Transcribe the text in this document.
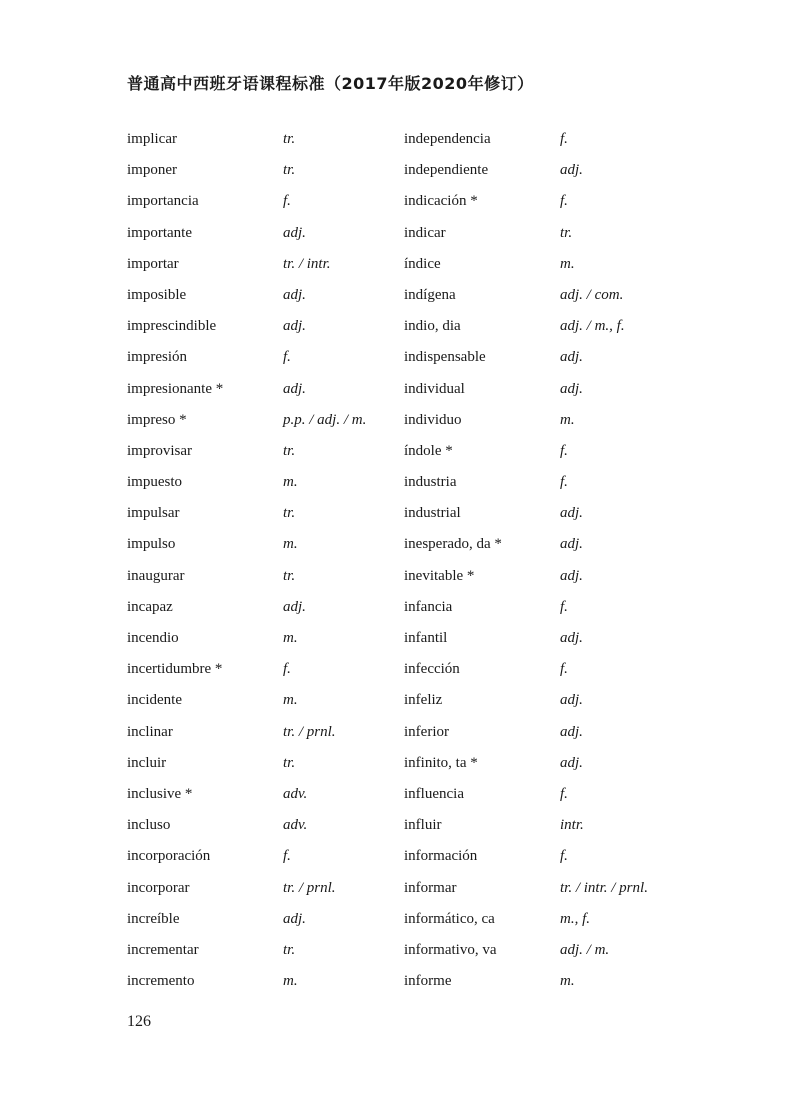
普通高中西班牙语课程标准（2017年版2020年修订）
implicar	tr.
imponer	tr.
importancia	f.
importante	adj.
importar	tr. / intr.
imposible	adj.
imprescindible	adj.
impresión	f.
impresionante *	adj.
impreso *	p.p. / adj. / m.
improvisar	tr.
impuesto	m.
impulsar	tr.
impulso	m.
inaugurar	tr.
incapaz	adj.
incendio	m.
incertidumbre *	f.
incidente	m.
inclinar	tr. / prnl.
incluir	tr.
inclusive *	adv.
incluso	adv.
incorporación	f.
incorporar	tr. / prnl.
increíble	adj.
incrementar	tr.
incremento	m.
independencia	f.
independiente	adj.
indicación *	f.
indicar	tr.
índice	m.
indígena	adj. / com.
indio, dia	adj. / m., f.
indispensable	adj.
individual	adj.
individuo	m.
índole *	f.
industria	f.
industrial	adj.
inesperado, da *	adj.
inevitable *	adj.
infancia	f.
infantil	adj.
infección	f.
infeliz	adj.
inferior	adj.
infinito, ta *	adj.
influencia	f.
influir	intr.
información	f.
informar	tr. / intr. / prnl.
informático, ca	m., f.
informativo, va	adj. / m.
informe	m.
126
